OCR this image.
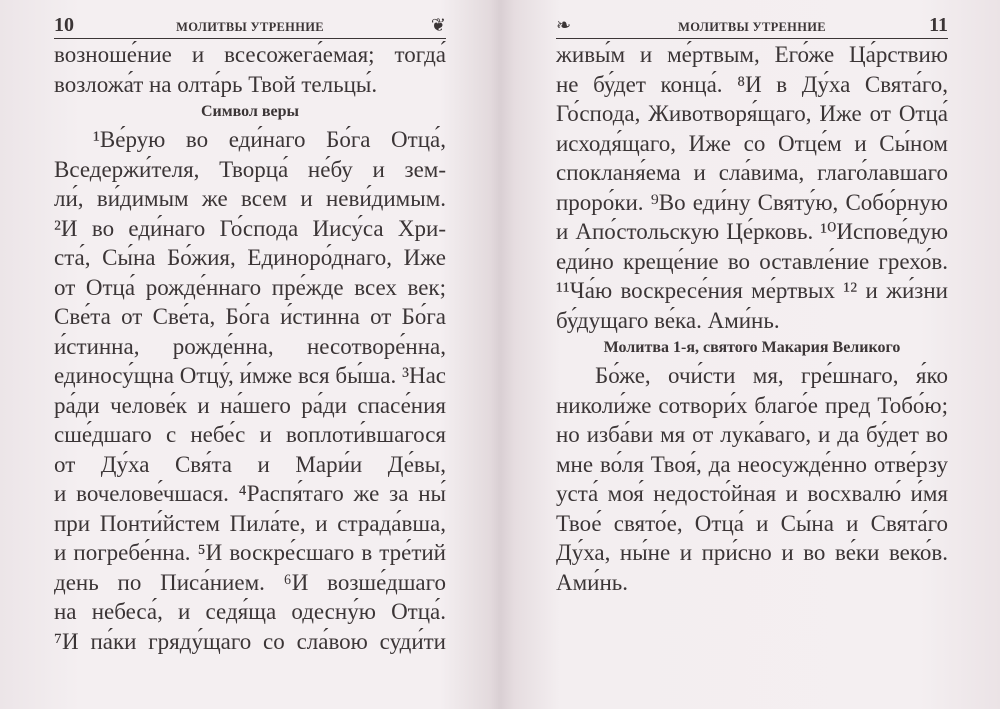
10	МОЛИТВЫ УТРЕННИЕ	❦
возноше́ние и всесожега́емая; тогда́
возложа́т на олта́рь Твой тельцы́.
Символ веры
¹Ве́рую во еди́наго Бо́га Отца́,
Вседержи́теля, Творца́ не́бу и зем-
ли́, ви́димым же всем и неви́димым.
²И во еди́наго Го́спода Иису́са Хри-
ста́, Сы́на Бо́жия, Единоро́днаго, Иже
от Отца́ рожде́ннаго пре́жде всех век;
Све́та от Све́та, Бо́га и́стинна от Бо́га
и́стинна, рожде́нна, несотворе́нна,
единосу́щна Отцу́, и́мже вся бы́ша. ³Нас
ра́ди челове́к и на́шего ра́ди спасе́ния
сше́дшаго с небе́с и воплоти́вшагося
от Ду́ха Свя́та и Мари́и Де́вы,
и вочелове́чшася. ⁴Распя́таго же за ны́
при Понти́йстем Пила́те, и страда́вша,
и погребе́нна. ⁵И воскре́сшаго в тре́тий
день по Писа́нием. ⁶И возше́дшаго
на небеса́, и седя́ща одесну́ю Отца́.
⁷И па́ки гряду́щаго со сла́вою суди́ти
❧	МОЛИТВЫ УТРЕННИЕ	11
живы́м и ме́ртвым, Его́же Ца́рствию
не бу́дет конца́. ⁸И в Ду́ха Свята́го,
Го́спода, Животворя́щаго, Иже от Отца́
исходя́щаго, Иже со Отце́м и Сы́ном
спокланя́ема и сла́вима, глаго́лавшаго
проро́ки. ⁹Во еди́ну Святу́ю, Собо́рную
и Апо́стольскую Це́рковь. ¹⁰Испове́дую
еди́но креще́ние во оставле́ние грехо́в.
¹¹Ча́ю воскресе́ния ме́ртвых ¹² и жи́зни
бу́дущаго ве́ка. Ами́нь.
Молитва 1-я, святого Макария Великого
Бо́же, очи́сти мя, гре́шнаго, я́ко
николи́же сотвори́х благо́е пред Тобо́ю;
но изба́ви мя от лука́ваго, и да бу́дет во
мне во́ля Твоя́, да неосужде́нно отве́рзу
уста́ моя́ недосто́йная и восхвалю́ и́мя
Твое́ свято́е, Отца́ и Сы́на и Свята́го
Ду́ха, ны́не и при́сно и во ве́ки веко́в.
Ами́нь.
